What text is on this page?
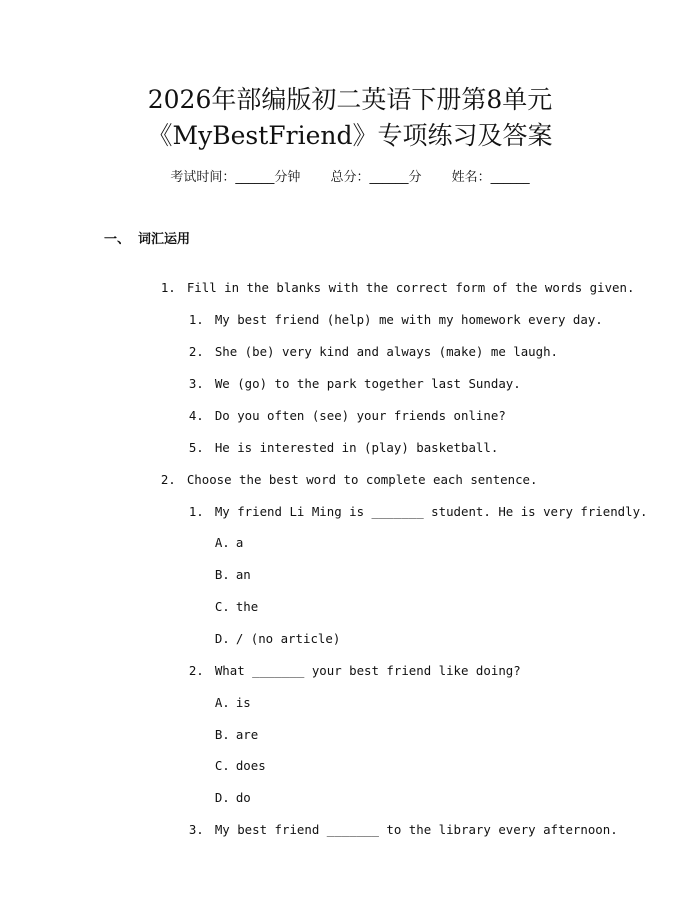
2026年部编版初二英语下册第8单元
《MyBestFriend》专项练习及答案
考试时间：______分钟 总分：______分 姓名：______
一、 词汇运用

1. Fill in the blanks with the correct form of the words given.

1. My best friend (help) me with my homework every day.

2. She (be) very kind and always (make) me laugh.

3. We (go) to the park together last Sunday.

4. Do you often (see) your friends online?

5. He is interested in (play) basketball.

2. Choose the best word to complete each sentence.

1. My friend Li Ming is _______ student. He is very friendly.

A. a

B. an

C. the

D. / (no article)

2. What _______ your best friend like doing?

A. is

B. are

C. does

D. do

3. My best friend _______ to the library every afternoon.
